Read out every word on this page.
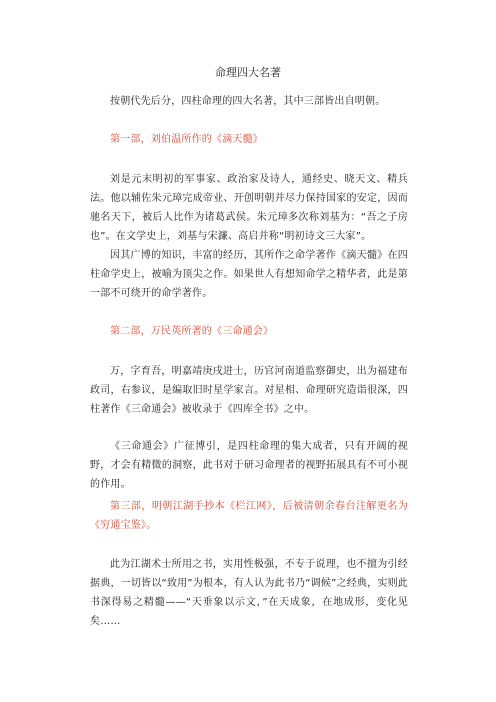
命理四大名著

按朝代先后分，四柱命理的四大名著，其中三部皆出自明朝。

第一部，刘伯温所作的《滴天髓》

刘是元末明初的军事家、政治家及诗人，通经史、晓天文、精兵法。他以辅佐朱元璋完成帝业、开创明朝并尽力保持国家的安定，因而驰名天下，被后人比作为诸葛武侯。朱元璋多次称刘基为：“吾之子房也”。在文学史上，刘基与宋濂、高启并称“明初诗文三大家”。

因其广博的知识，丰富的经历，其所作之命学著作《滴天髓》在四柱命学史上，被喻为顶尖之作。如果世人有想知命学之精华者，此是第一部不可绕开的命学著作。

第二部，万民英所著的《三命通会》

万，字育吾，明嘉靖庚戌进士，历官河南道监察御史，出为福建布政司，右参议，是编取旧时星学家言。对星相、命理研究造诣很深，四柱著作《三命通会》被收录于《四库全书》之中。

《三命通会》广征博引，是四柱命理的集大成者，只有开阔的视野，才会有精微的洞察，此书对于研习命理者的视野拓展具有不可小视的作用。

第三部，明朝江湖手抄本《栏江网》，后被清朝余春台注解更名为《穷通宝鉴》。

此为江湖术士所用之书，实用性极强，不专于说理，也不擅为引经据典，一切皆以“致用”为根本，有人认为此书乃“调候”之经典，实则此书深得易之精髓——“天垂象以示文，”在天成象，在地成形，变化见矣……
